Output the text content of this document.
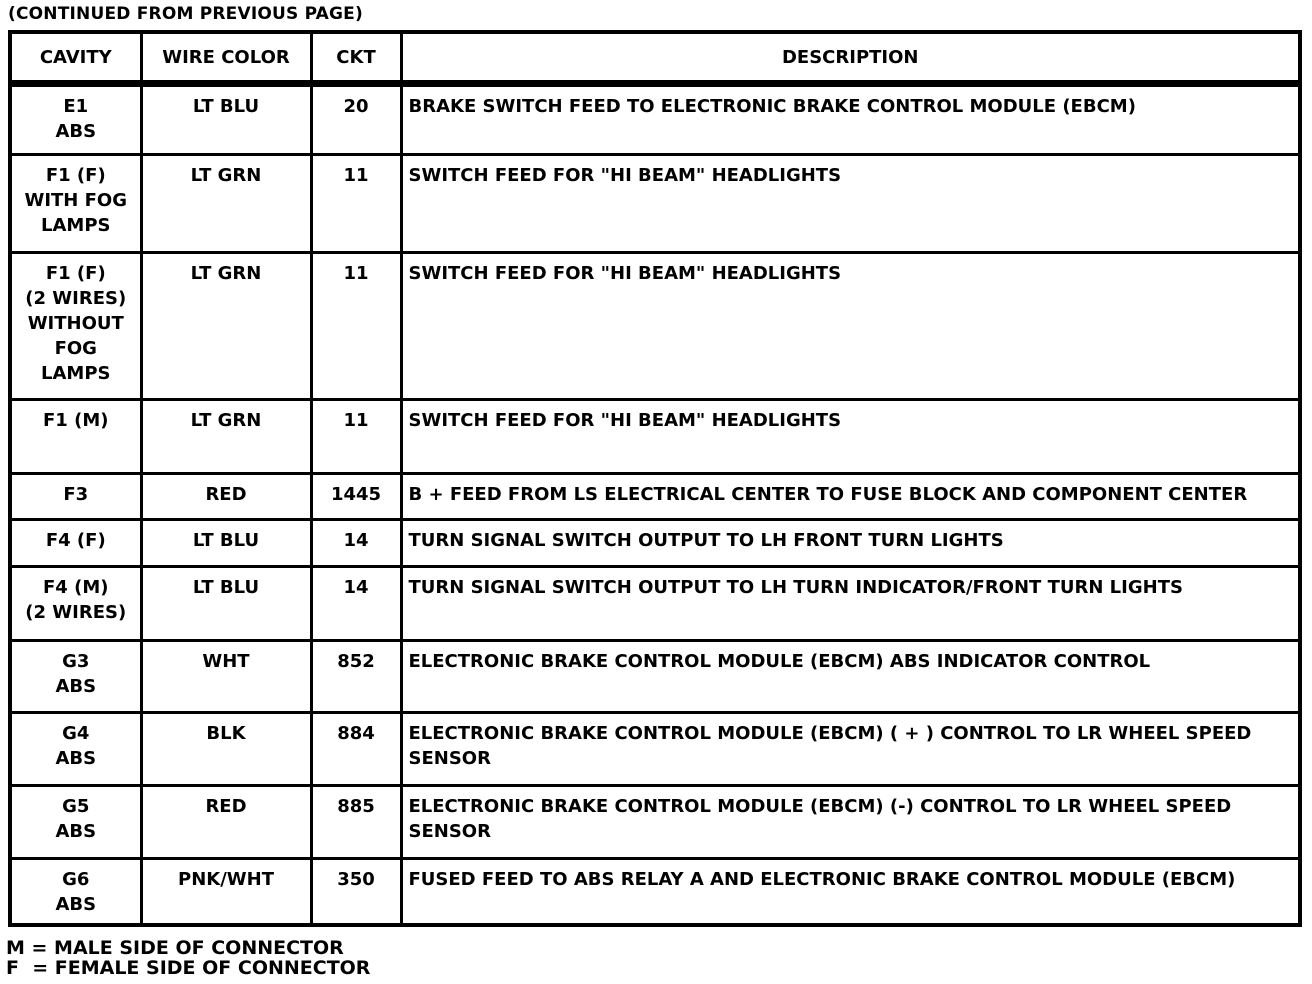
(CONTINUED FROM PREVIOUS PAGE)
CAVITY	WIRE COLOR	CKT	DESCRIPTION

E1
ABS	LT BLU	20	BRAKE SWITCH FEED TO ELECTRONIC BRAKE CONTROL MODULE (EBCM)

F1 (F)
WITH FOG
LAMPS	LT GRN	11	SWITCH FEED FOR "HI BEAM" HEADLIGHTS

F1 (F)
(2 WIRES)
WITHOUT
FOG
LAMPS	LT GRN	11	SWITCH FEED FOR "HI BEAM" HEADLIGHTS

F1 (M)	LT GRN	11	SWITCH FEED FOR "HI BEAM" HEADLIGHTS

F3	RED	1445	B + FEED FROM LS ELECTRICAL CENTER TO FUSE BLOCK AND COMPONENT CENTER

F4 (F)	LT BLU	14	TURN SIGNAL SWITCH OUTPUT TO LH FRONT TURN LIGHTS

F4 (M)
(2 WIRES)	LT BLU	14	TURN SIGNAL SWITCH OUTPUT TO LH TURN INDICATOR/FRONT TURN LIGHTS

G3
ABS	WHT	852	ELECTRONIC BRAKE CONTROL MODULE (EBCM) ABS INDICATOR CONTROL

G4
ABS	BLK	884	ELECTRONIC BRAKE CONTROL MODULE (EBCM) ( + ) CONTROL TO LR WHEEL SPEED SENSOR

G5
ABS	RED	885	ELECTRONIC BRAKE CONTROL MODULE (EBCM) (-) CONTROL TO LR WHEEL SPEED SENSOR

G6
ABS	PNK/WHT	350	FUSED FEED TO ABS RELAY A AND ELECTRONIC BRAKE CONTROL MODULE (EBCM)
M = MALE SIDE OF CONNECTOR
F  = FEMALE SIDE OF CONNECTOR
